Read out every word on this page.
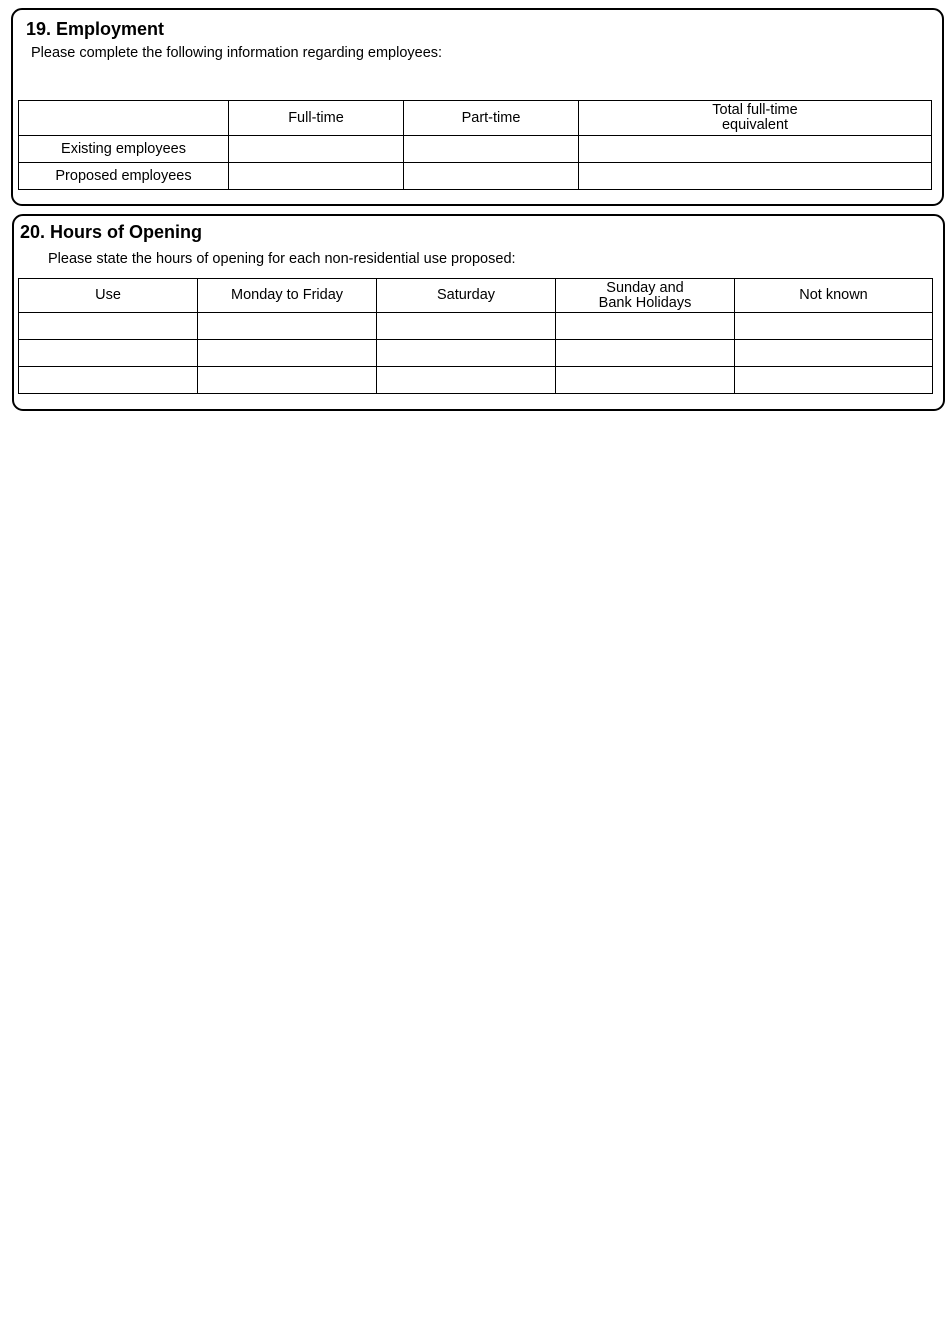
19. Employment
Please complete the following information regarding employees:
	Full-time	Part-time	Total full-time
equivalent
Existing employees			
Proposed employees			
20. Hours of Opening
Please state the hours of opening for each non-residential use proposed:
Use	Monday to Friday	Saturday	Sunday and
Bank Holidays	Not known
